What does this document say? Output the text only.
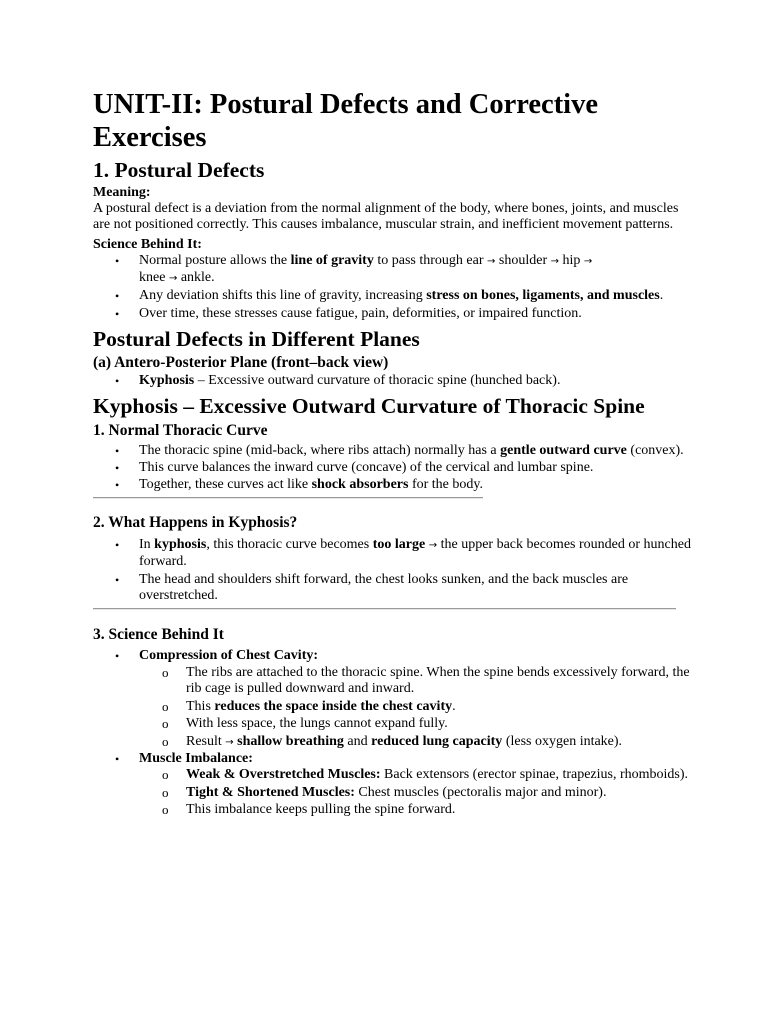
UNIT-II: Postural Defects and Corrective Exercises
1. Postural Defects
Meaning:

A postural defect is a deviation from the normal alignment of the body, where bones, joints, and muscles are not positioned correctly. This causes imbalance, muscular strain, and inefficient movement patterns.

Science Behind It:
• Normal posture allows the line of gravity to pass through ear → shoulder → hip →
knee → ankle.
• Any deviation shifts this line of gravity, increasing stress on bones, ligaments, and muscles.
• Over time, these stresses cause fatigue, pain, deformities, or impaired function.
Postural Defects in Different Planes
(a) Antero-Posterior Plane (front–back view)
• Kyphosis – Excessive outward curvature of thoracic spine (hunched back).
Kyphosis – Excessive Outward Curvature of Thoracic Spine
1. Normal Thoracic Curve
• The thoracic spine (mid-back, where ribs attach) normally has a gentle outward curve (convex).
• This curve balances the inward curve (concave) of the cervical and lumbar spine.
• Together, these curves act like shock absorbers for the body.
2. What Happens in Kyphosis?
• In kyphosis, this thoracic curve becomes too large → the upper back becomes rounded or hunched forward.
• The head and shoulders shift forward, the chest looks sunken, and the back muscles are overstretched.
3. Science Behind It
• Compression of Chest Cavity:
o The ribs are attached to the thoracic spine. When the spine bends excessively forward, the rib cage is pulled downward and inward.
o This reduces the space inside the chest cavity.
o With less space, the lungs cannot expand fully.
o Result → shallow breathing and reduced lung capacity (less oxygen intake).
• Muscle Imbalance:
o Weak & Overstretched Muscles: Back extensors (erector spinae, trapezius, rhomboids).
o Tight & Shortened Muscles: Chest muscles (pectoralis major and minor).
o This imbalance keeps pulling the spine forward.
